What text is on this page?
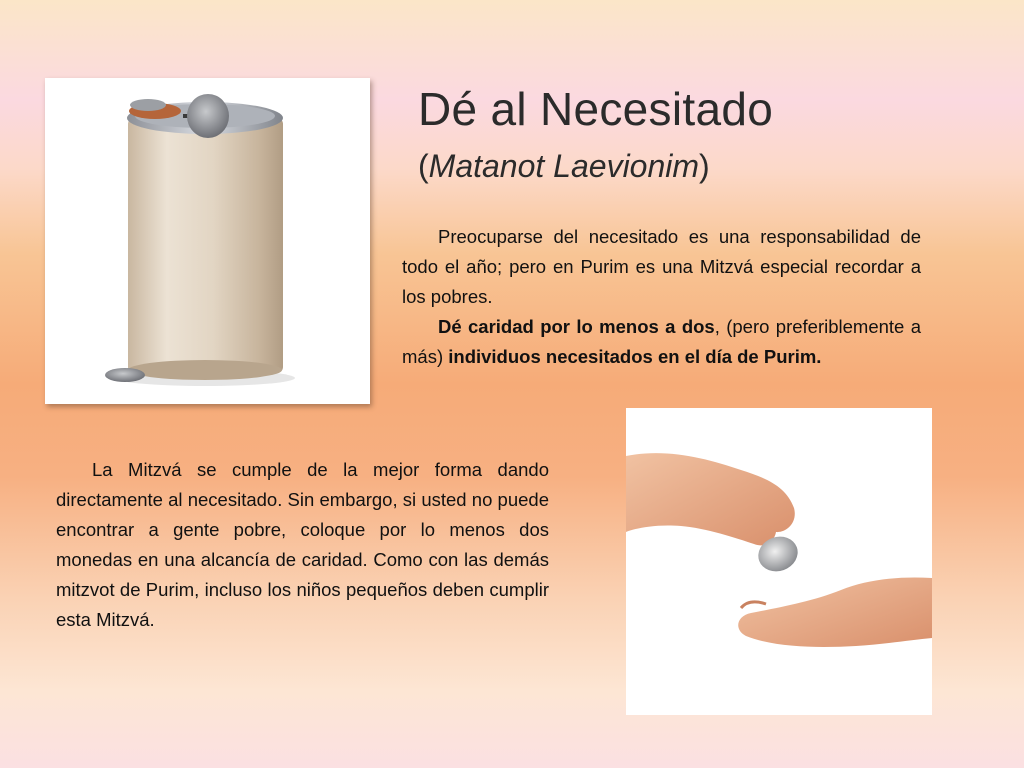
Dé al Necesitado

(Matanot Laevionim)

Preocuparse del necesitado es una responsabilidad de todo el año; pero en Purim es una Mitzvá especial recordar a los pobres.

Dé caridad por lo menos a dos, (pero preferiblemente a más) individuos necesitados en el día de Purim.

La Mitzvá se cumple de la mejor forma dando directamente al necesitado. Sin embargo, si usted no puede encontrar a gente pobre, coloque por lo menos dos monedas en una alcancía de caridad. Como con las demás mitzvot de Purim, incluso los niños pequeños deben cumplir esta Mitzvá.
